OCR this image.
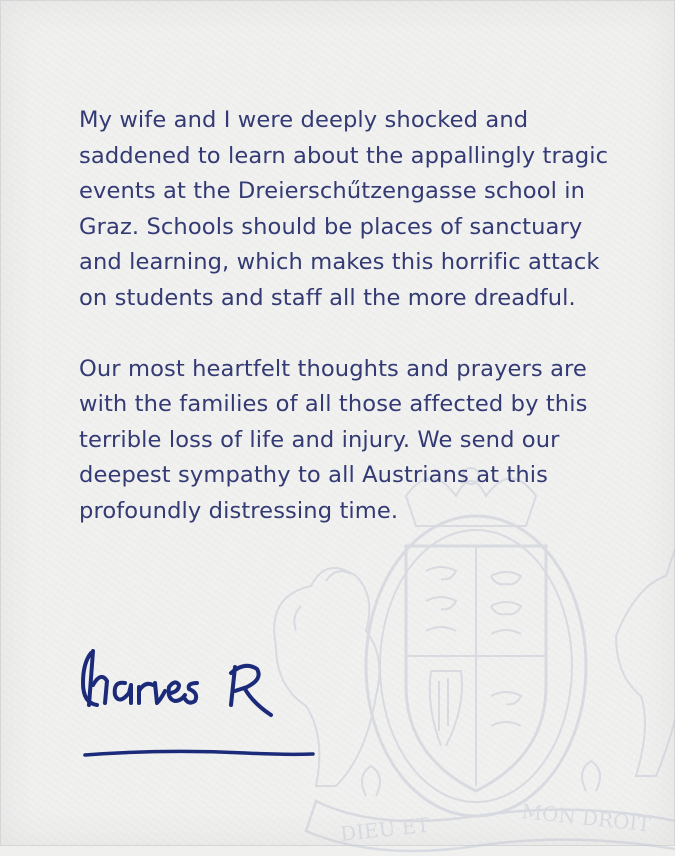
DIEU ET	MON DROIT

My wife and I were deeply shocked and saddened to learn about the appallingly tragic events at the Dreierschűtzengasse school in Graz. Schools should be places of sanctuary and learning, which makes this horrific attack on students and staff all the more dreadful.

Our most heartfelt thoughts and prayers are with the families of all those affected by this terrible loss of life and injury. We send our deepest sympathy to all Austrians at this profoundly distressing time.
